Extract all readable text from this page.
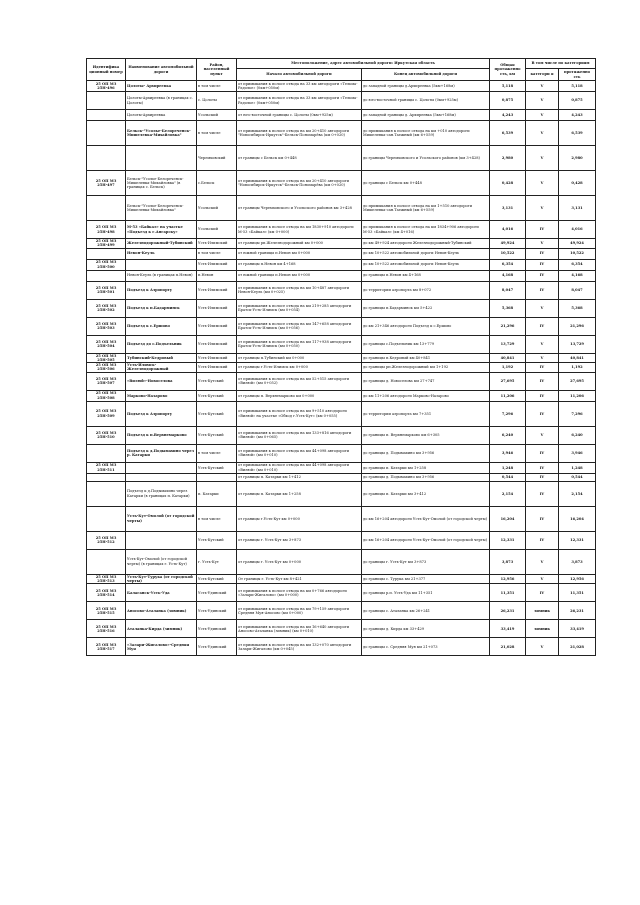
Идентифика ционный номер	Наименование автомобильной дороги	Район, населенный пункт	Местоположение, адрес автомобильной дороги: Иркутская область		Общая протяженно сть, км	В том числе по категориям	
			Начало автомобильной дороги	Конец автомобильной дороги		категори я	протяженно сть

25 ОП МЗ 25Н-496	Цолоты- Архиреевка	в том числе	от примыкания к полосе отвода на 33 км автодороги «Тельма-Радолье» (0км+050м)	до западной границы д.Архиреевка (5км+168м)	5,118	V	5,118
	Цолоты-Архиреевка (в границах с. Цолоты)	с. Цолоты	от примыкания к полосе отвода на 33 км автодороги «Тельма-Радолье» (0км+050м)	до юго-восточной границы с. Цолоты (0км+925м)	0,875	V	0,875
	Цолоты-Архиреевка	Усольский	от юго-восточной границы с. Цолоты (0км+925м)	до западной границы д. Архиреевка (5км+168м)	4,243	V	4,243
	Бельск-"Усолье-Белореченск-Мишелевка-Михайловка"	в том числе	от примыкания к полосе отвода на км 20+410 автодороги "Новосибирск-Иркутск"-Бельск-Пономарёва (км 0+020)	до примыкания к полосе отвода на км +010 автодороги Мишелевка-сан.Таежный (км 6+559)	6,539	V	6,539
		Черемховский	от границы с Бельск км 0+448	до границы Черемховского и Усольского районов (км 3+428)	2,980	V	2,980
25 ОП МЗ 25Н-497	Бельск-"Усолье-Белореченск-Мишелевка-Михайловка" (в границах с. Бельск)	с.Бельск	от примыкания к полосе отвода на км 20+410 автодороги "Новосибирск-Иркутск"-Бельск-Пономарёва (км 0+020)	до границы с Бельск км 0+448	0,428	V	0,428
	Бельск-"Усолье-Белореченск-Мишелевка-Михайловка"	Усольский	от границы Черемховского и Усольского районов км 3+428	до примыкания к полосе отвода на км 1+510 автодороги Мишелевка-сан.Таежный (км 6+559)	3,131	V	3,131
25 ОП МЗ 25Н-498	М-53 «Байкал» на участке «Подъезд к г.Ангарску»	Усольский	от примыкания к полосе отвода на км 1830+910 автодороги М-53 «Байкал» (км 0+000)	до примыкания к полосе отвода на км 1834+906 автодороги М-53 «Байкал» (км 4+016)	4,016	IV	4,016
25 ОП МЗ 25Н-499	Железнодорожный-Тубинский	Усть-Илимский	от границы рп.Железнодорожный км 0+000	до км 49+924 автодороги Железнодорожный-Тубинский	49,924	V	49,924
	Невон-Кеуль	в том числе	от южной границы п.Невон км 0+000	до км 10+522 автомобильной дороги Невон-Кеуль	10,522	IV	10,522
25 ОП МЗ 25Н-500		Усть-Илимский	от границы п.Невон км 4+168	до км 10+522 автомобильной дороги Невон-Кеуль	6,354	IV	6,354
	Невон-Кеуль (в границах п.Невон)	п.Невон	от южной границы п.Невон км 0+000	до границы п.Невон км 4+168	4,168	IV	4,168
25 ОП МЗ 25Н-501	Подъезд к Аэропорту	Усть-Илимский	от примыкания к полосе отвода на км 10+487 автодороги Невон-Кеуль (км 0+025)	до территории аэропорта км 8+072	8,047	IV	8,047
25 ОП МЗ 25Н-502	Подъезд к п.Бадарминск	Усть-Илимский	от примыкания к полосе отвода на км 219+285 автодороги Братск-Усть-Илимск (км 0+054)	до границы п.Бадарминск км 5+422	5,368	V	5,368
25 ОП МЗ 25Н-503	Подъезд к с.Ершово	Усть-Илимский	от примыкания к полосе отвода на км 147+658 автодороги Братск-Усть-Илимск (км 0+056)	до км 21+346 автодороги Подъезд к с.Ершово	21,296	IV	21,296
25 ОП МЗ 25Н-504	Подъезд до с.Подъельник	Усть-Илимский	от примыкания к полосе отвода на км 117+938 автодороги Братск-Усть-Илимск (км 0+050)	до границы с.Подъельник км 13+779	13,729	V	13,729
25 ОП МЗ 25Н-505	Тубинский-Кедровый	Усть-Илимский	от границы п.Тубинский км 0+000	до границы п.Кедровый км 40+841	40,841	V	40,841
25 ОП МЗ 25Н-506	Усть-Илимск-Железнодорожный	Усть-Илимский	от границы г.Усть-Илимск км 0+000	до границы рп.Железнодорожный км 1+192	1,192	IV	1,192
25 ОП МЗ 25Н-507	«Вилюй»-Новоселова	Усть-Кутский	от примыкания к полосе отвода на км 52+515 автодороги «Вилюй» (км 0+052)	до границы д. Новоселова км 27+747	27,695	IV	27,695
25 ОП МЗ 25Н-508	Марково-Назарово	Усть-Кутский	от границы п. Верхнемарково км 0+000	до км 11+206 автодороги Марково-Назарово	11,206	IV	11,206
25 ОП МЗ 25Н-509	Подъезд к Аэропорту	Усть-Кутский	от примыкания к полосе отвода на км 9+510 автодороги «Вилюй» на участке «Обход г.Усть-Кут» (км 0+055)	до территории аэропорта км 7+351	7,296	IV	7,296
25 ОП МЗ 25Н-510	Подъезд к п.Верхнемарково	Усть-Кутский	от примыкания к полосе отвода на км 133+816 автодороги «Вилюй» (км 0+065)	до границы п. Верхнемарково км 6+305	6,240	V	6,240
	Подъезд к д.Подымахино через р. Катарки	в том числе	от примыкания к полосе отвода на км 44+098 автодороги «Вилюй» (км 0+010)	до границы д. Подымахино км 3+956	3,946	IV	3,946
25 ОП МЗ 25Н-511		Усть-Кутский	от примыкания к полосе отвода на км 44+098 автодороги «Вилюй» (км 0+010)	до границы п. Катарки км 1+258	1,248	IV	1,248
			от границы п. Катарки км 1+412	до границы д. Подымахино км 3+956	0,544	IV	0,544
	Подъезд к д.Подымахино через Катарки (в границах п. Катарки)	п. Катарки	от границы п. Катарки км 1+258	до границы п. Катарки км 3+412	2,154	IV	2,154
	Усть-Кут-Омолой (от городской черты)	в том числе	от границы г.Усть-Кут км 0+000	до км 16+204 автодороги Усть-Кут-Омолой (от городской черты)	16,204	IV	16,204
25 ОП МЗ 25Н-512		Усть-Кутский	от границы г. Усть-Кут км 3+873	до км 16+204 автодороги Усть-Кут-Омолой (от городской черты)	12,331	IV	12,331
	Усть-Кут-Омолой (от городской черты) (в границах г. Усть-Кут)	г. Усть-Кут	от границы г. Усть-Кут км 0+000	до границы г. Усть-Кут км 3+873	3,873	V	3,873
25 ОП МЗ 25Н-513	Усть-Кут-Турука (от городской черты)	Усть-Кутский	От границы г. Усть-Кут км 8+421	до границы с. Турука км 21+377	12,956	V	12,956
25 ОП МЗ 25Н-514	Балаганск-Усть-Уда	Усть-Удинский	от примыкания к полосе отвода на км 0+766 автодороги «Залари-Жигалово» (км 0+000)	до границы р.п. Усть-Уда км 11+351	11,351	IV	11,351
25 ОП МЗ 25Н-515	Аносово-Аталанка (зимник)	Усть-Удинский	от примыкания к полосе отвода на км 79+159 автодороги Средняя Муя-Аносово (км 0+000)	до границы с. Аталанка км 26+241	26,231	зимник	26,231
25 ОП МЗ 25Н-516	Аталанка-Кирда (зимник)	Усть-Удинский	от примыкания к полосе отвода на км 16+640 автодороги Аносово-Аталанка (зимник) (км 0+010)	до границы д. Кирда км 33+429	33,419	зимник	33,419
25 ОП МЗ 25Н-517	«Залари-Жигалово»-Средняя Муя	Усть-Удинский	от примыкания к полосе отвода на км 132+070 автодороги Залари-Жигалово (км 0+045)	до границы с. Средняя Муя км 21+073	21,028	V	21,028
